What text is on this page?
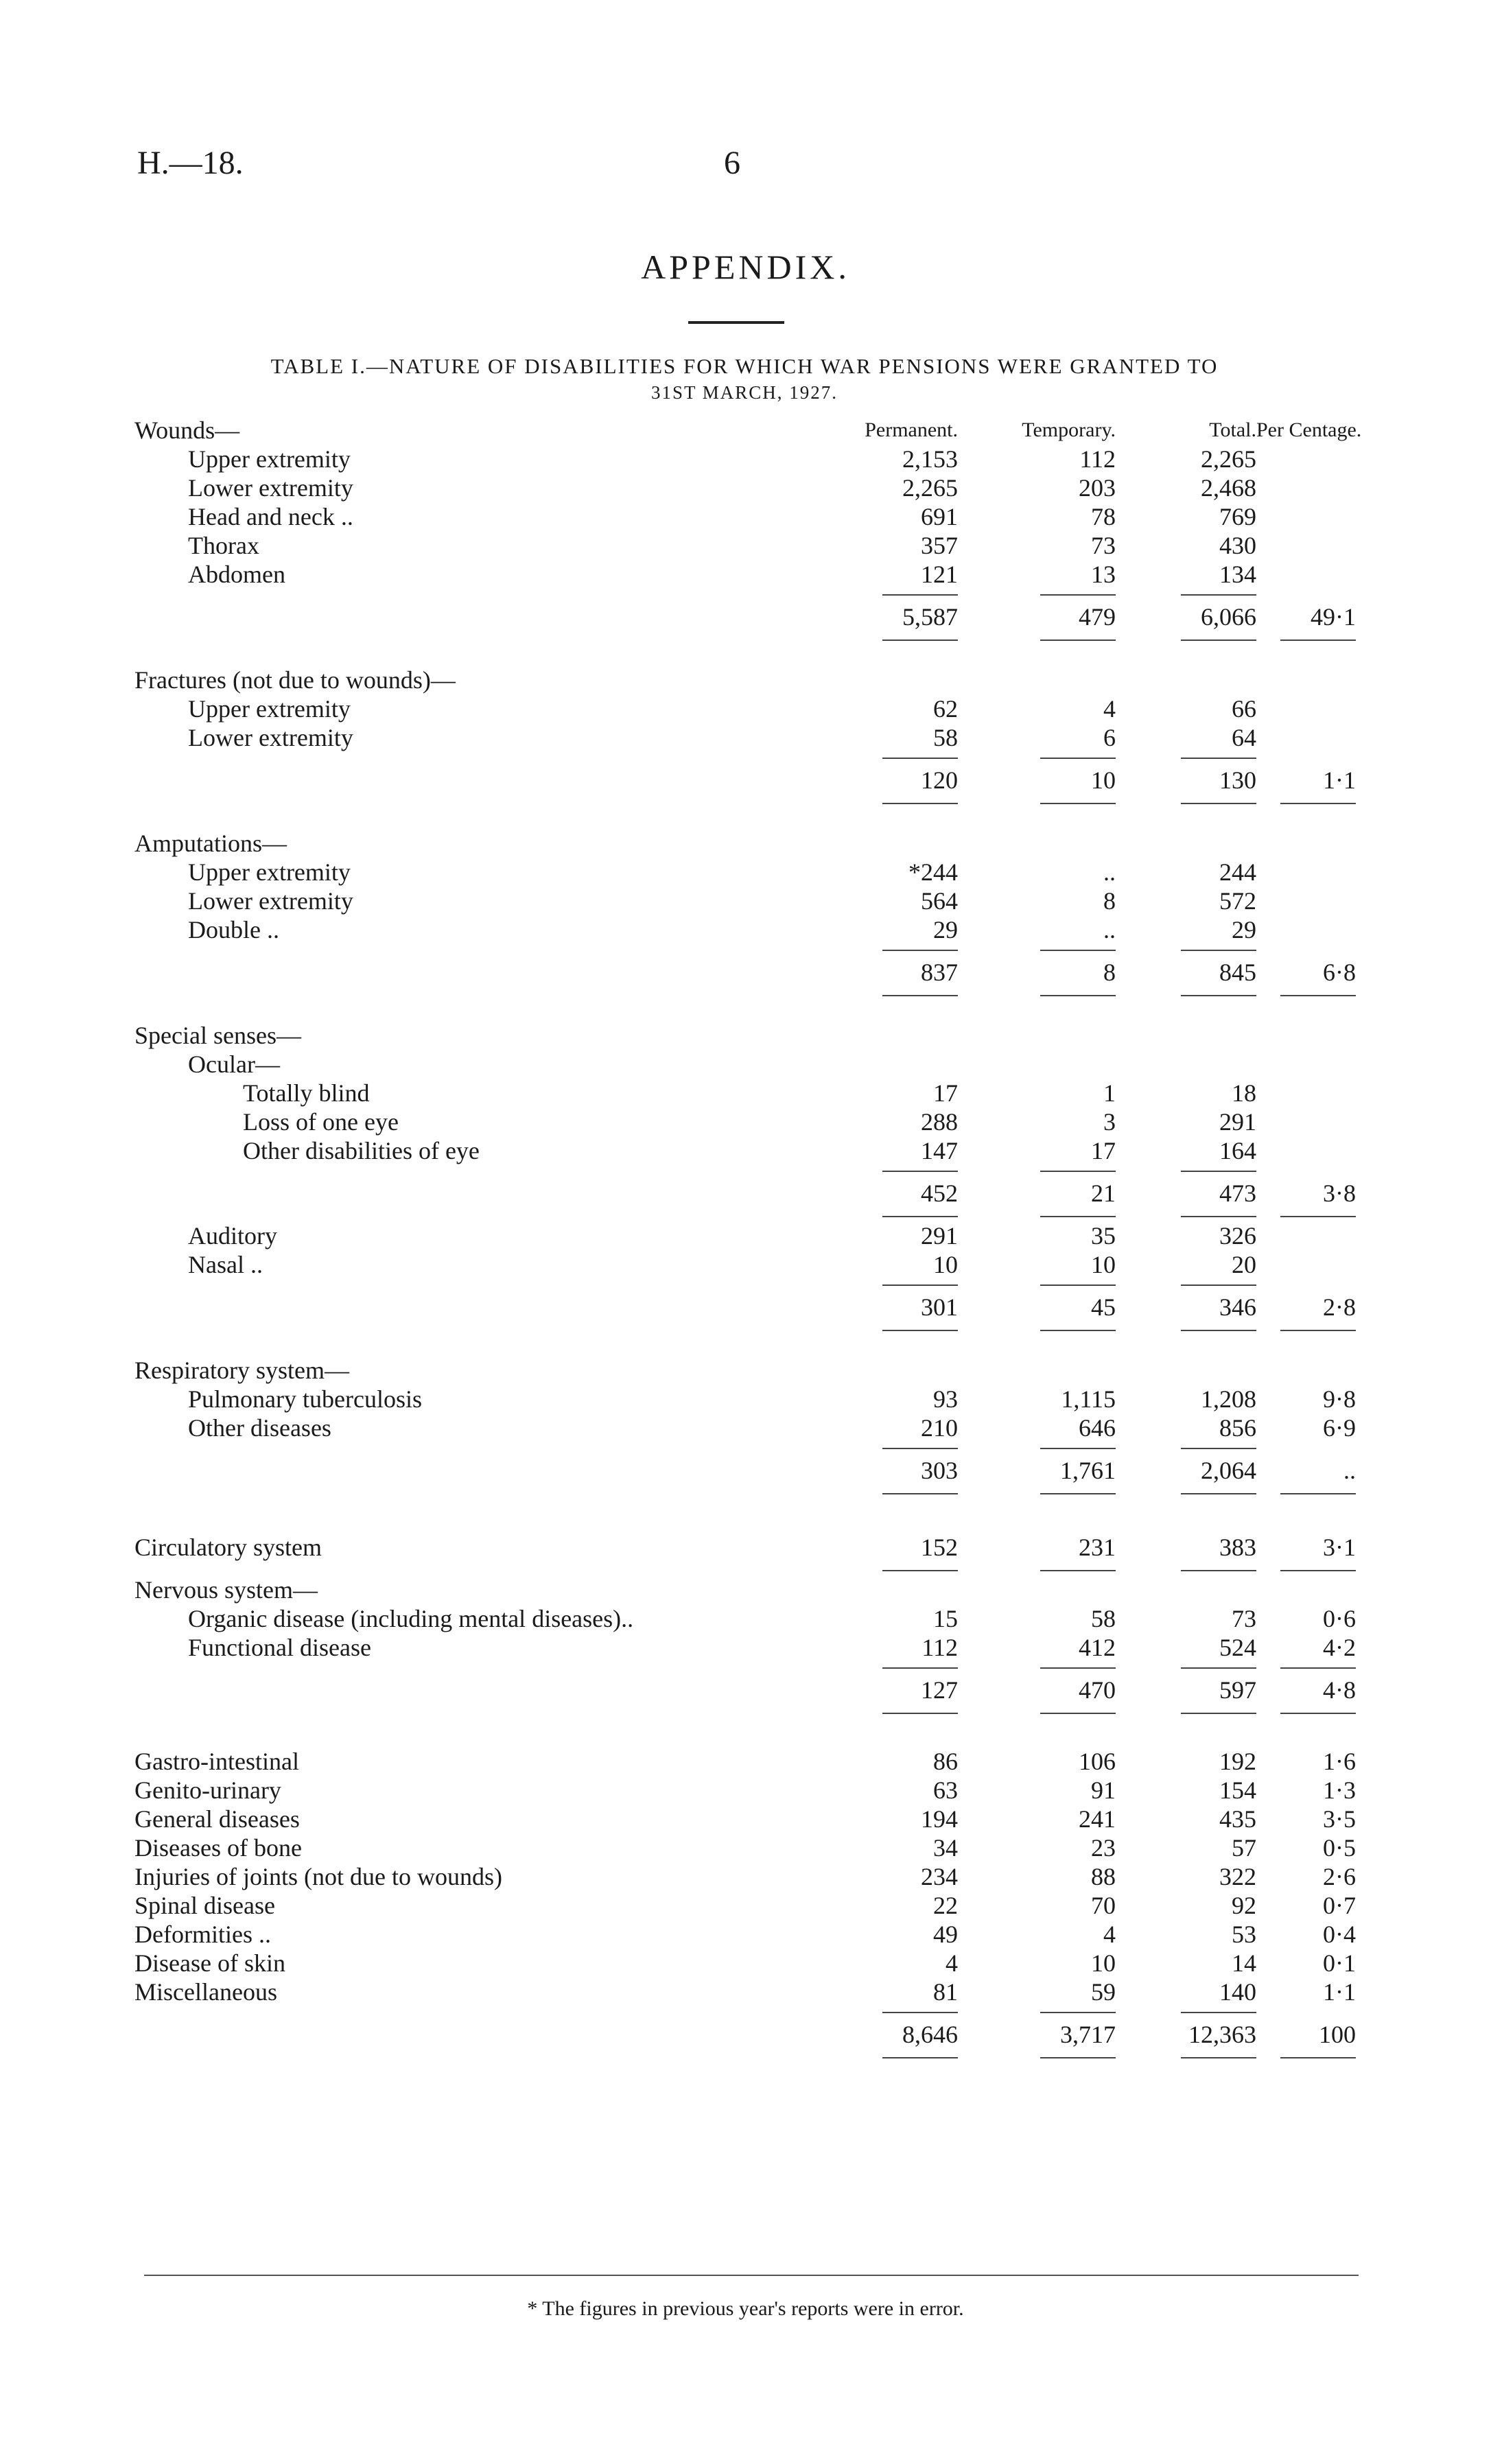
H.—18.	6
APPENDIX.
TABLE I.—NATURE OF DISABILITIES FOR WHICH WAR PENSIONS WERE GRANTED TO
31ST MARCH, 1927.
Wounds—	Permanent.	Temporary.	Total.	Per Centage.
Upper extremity	2,153	112	2,265	
Lower extremity	2,265	203	2,468	
Head and neck ..	691	78	769	
Thorax	357	73	430	
Abdomen	121	13	134	
	5,587	479	6,066	49·1

Fractures (not due to wounds)—				
Upper extremity	62	4	66	
Lower extremity	58	6	64	
	120	10	130	1·1

Amputations—				
Upper extremity	*244	..	244	
Lower extremity	564	8	572	
Double ..	29	..	29	
	837	8	845	6·8

Special senses—				
Ocular—				
Totally blind	17	1	18	
Loss of one eye	288	3	291	
Other disabilities of eye	147	17	164	
	452	21	473	3·8
Auditory	291	35	326	
Nasal ..	10	10	20	
	301	45	346	2·8

Respiratory system—				
Pulmonary tuberculosis	93	1,115	1,208	9·8
Other diseases	210	646	856	6·9
	303	1,761	2,064	..

Circulatory system	152	231	383	3·1
Nervous system—				
Organic disease (including mental diseases)..	15	58	73	0·6
Functional disease	112	412	524	4·2
	127	470	597	4·8

Gastro-intestinal	86	106	192	1·6
Genito-urinary	63	91	154	1·3
General diseases	194	241	435	3·5
Diseases of bone	34	23	57	0·5
Injuries of joints (not due to wounds)	234	88	322	2·6
Spinal disease	22	70	92	0·7
Deformities ..	49	4	53	0·4
Disease of skin	4	10	14	0·1
Miscellaneous	81	59	140	1·1
	8,646	3,717	12,363	100
* The figures in previous year's reports were in error.
